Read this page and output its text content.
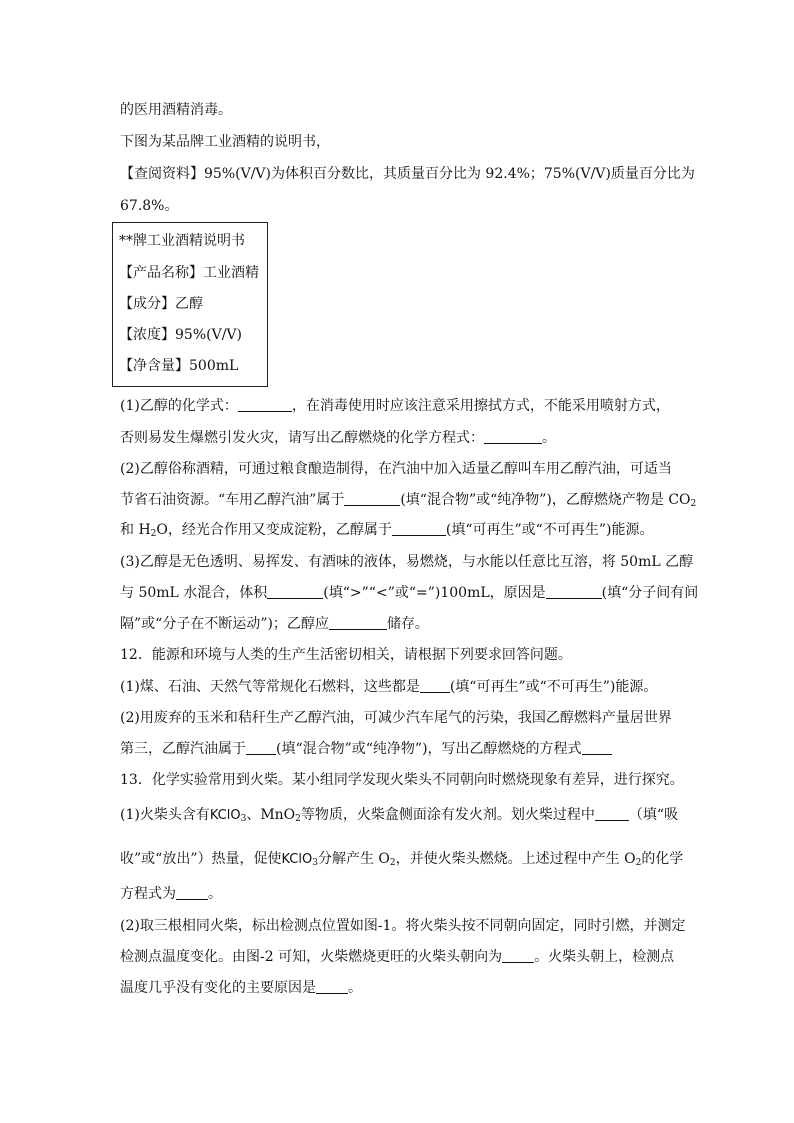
的医用酒精消毒。
下图为某品牌工业酒精的说明书，
【查阅资料】95%(V/V)为体积百分数比，其质量百分比为 92.4%；75%(V/V)质量百分比为
67.8%。
**牌工业酒精说明书
【产品名称】工业酒精
【成分】乙醇
【浓度】95%(V/V)
【净含量】500mL
(1)乙醇的化学式：	，在消毒使用时应该注意采用擦拭方式，不能采用喷射方式，
否则易发生爆燃引发火灾，请写出乙醇燃烧的化学方程式：	。
(2)乙醇俗称酒精，可通过粮食酿造制得，在汽油中加入适量乙醇叫车用乙醇汽油，可适当
节省石油资源。“车用乙醇汽油”属于	(填“混合物”或“纯净物”)，乙醇燃烧产物是 $CO_2$
和 $H_2O$，经光合作用又变成淀粉，乙醇属于	(填“可再生”或“不可再生”)能源。
(3)乙醇是无色透明、易挥发、有酒味的液体，易燃烧，与水能以任意比互溶，将 50mL 乙醇
与 50mL 水混合，体积	(填“>”“<”或“=”)100mL，原因是	(填“分子间有间
隔”或“分子在不断运动”)；乙醇应	储存。
12．能源和环境与人类的生产生活密切相关，请根据下列要求回答问题。
(1)煤、石油、天然气等常规化石燃料，这些都是 (填“可再生”或“不可再生”)能源。
(2)用废弃的玉米和秸秆生产乙醇汽油，可减少汽车尾气的污染，我国乙醇燃料产量居世界
第三，乙醇汽油属于 (填“混合物”或“纯净物”)，写出乙醇燃烧的方程式
13．化学实验常用到火柴。某小组同学发现火柴头不同朝向时燃烧现象有差异，进行探究。
(1)火柴头含有KClO$_3$、MnO$_2$等物质，火柴盒侧面涂有发火剂。划火柴过程中 （填“吸
收”或“放出”）热量，促使KClO$_3$分解产生 $O_2$，并使火柴头燃烧。上述过程中产生 $O_2$的化学
方程式为 。
(2)取三根相同火柴，标出检测点位置如图-1。将火柴头按不同朝向固定，同时引燃，并测定
检测点温度变化。由图-2 可知，火柴燃烧更旺的火柴头朝向为 。火柴头朝上，检测点
温度几乎没有变化的主要原因是 。
